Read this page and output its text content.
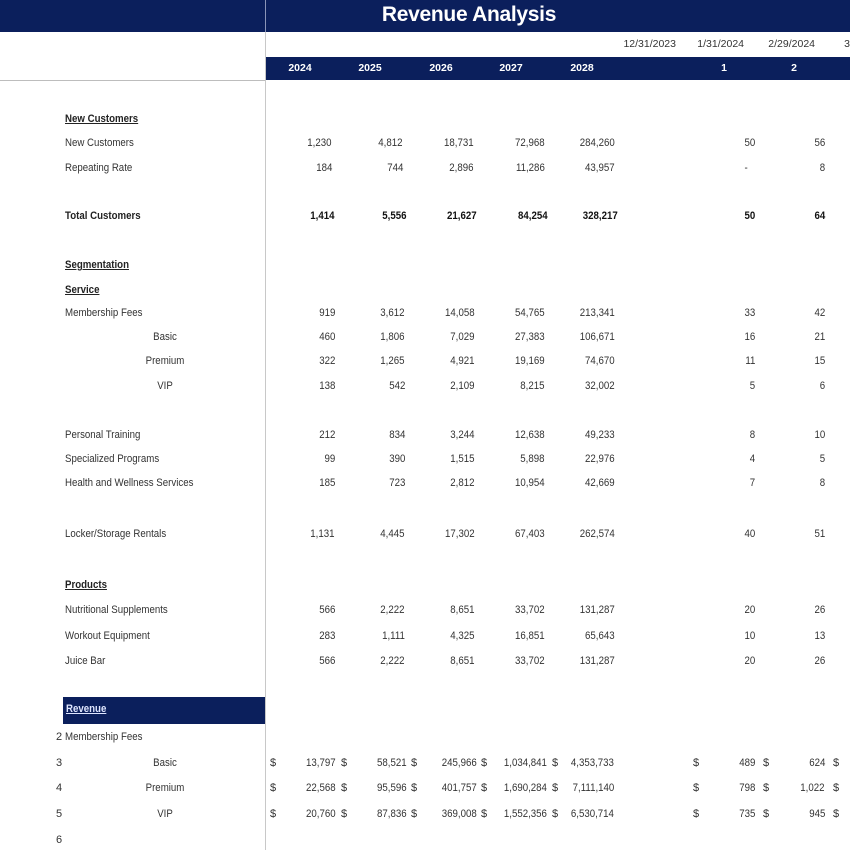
Revenue Analysis
12/31/2023	1/31/2024	2/29/2024	3
2024	2025	2026	2027	2028	1	2
New Customers
New Customers	1,230	4,812	18,731	72,968	284,260	50	56
Repeating Rate	184	744	2,896	11,286	43,957	-	8
Total Customers	1,414	5,556	21,627	84,254	328,217	50	64
Segmentation
Service
Membership Fees	919	3,612	14,058	54,765	213,341	33	42
Basic	460	1,806	7,029	27,383	106,671	16	21
Premium	322	1,265	4,921	19,169	74,670	11	15
VIP	138	542	2,109	8,215	32,002	5	6
Personal Training	212	834	3,244	12,638	49,233	8	10
Specialized Programs	99	390	1,515	5,898	22,976	4	5
Health and Wellness Services	185	723	2,812	10,954	42,669	7	8
Locker/Storage Rentals	1,131	4,445	17,302	67,403	262,574	40	51
Products
Nutritional Supplements	566	2,222	8,651	33,702	131,287	20	26
Workout Equipment	283	1,111	4,325	16,851	65,643	10	13
Juice Bar	566	2,222	8,651	33,702	131,287	20	26
Revenue
2 Membership Fees
3	Basic	$	13,797 $	58,521 $ 245,966 $ 1,034,841 $ 4,353,733	$	489 $	624 $
4	Premium	$	22,568 $	95,596 $ 401,757 $ 1,690,284 $ 7,111,140	$	798 $	1,022 $
5	VIP	$	20,760 $	87,836 $ 369,008 $ 1,552,356 $ 6,530,714	$	735 $	945 $
6
